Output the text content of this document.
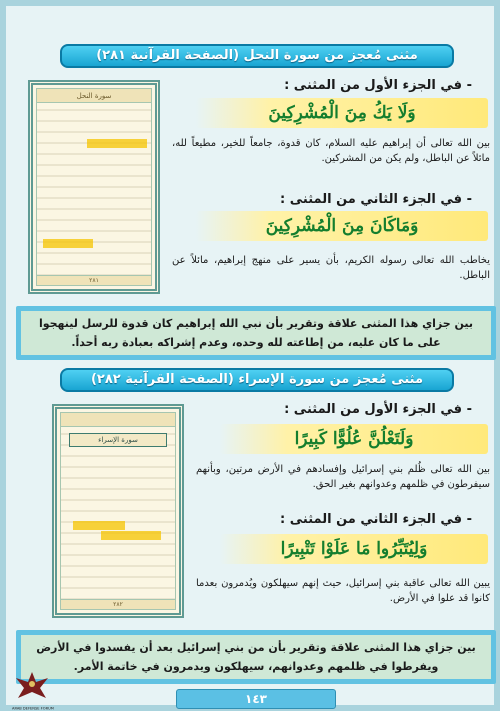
مثنى مُعجز من سورة النحل (الصفحة القرآنية ٢٨١)
سورة النحل
٢٨١
- في الجزء الأول من المثنى :
وَلَا يَكُ مِنَ الْمُشْرِكِينَ
بين الله تعالى أن إبراهيم عليه السلام، كان قدوة، جامعاً للخير، مطيعاً لله، مائلاً عن الباطل، ولم يكن من المشركين.
- في الجزء الثاني من المثنى :
وَمَاكَانَ مِنَ الْمُشْرِكِينَ
يخاطب الله تعالى رسوله الكريم، بأن يسير على منهج إبراهيم، مائلاً عن الباطل.
بين جزاي هذا المثنى علاقة وتقرير بأن نبي الله إبراهيم كان قدوة للرسل لينهجوا على ما كان عليه، من إطاعته لله وحده، وعدم إشراكه بعبادة ربه أحداً.
مثنى مُعجز من سورة الإسراء (الصفحة القرآنية ٢٨٢)
سورة الإسراء
٢٨٢
- في الجزء الأول من المثنى :
وَلَتَعْلُنَّ عُلُوًّا كَبِيرًا
بين الله تعالى ظُلم بني إسرائيل وإفسادهم في الأرض مرتين، وبأنهم سيفرطون في ظلمهم وعدوانهم بغير الحق.
- في الجزء الثاني من المثنى :
وَلِيُتَبِّرُوا مَا عَلَوْا تَتْبِيرًا
يبين الله تعالى عاقبة بني إسرائيل، حيث إنهم سيهلكون ويُدمرون بعدما كانوا قد علوا في الأرض.
بين جزاي هذا المثنى علاقة وتقرير بأن من بني إسرائيل بعد أن يفسدوا في الأرض ويفرطوا في ظلمهم وعدوانهم، سيهلكون ويدمرون في خاتمة الأمر.
١٤٣
ARAB DEFENSE FORUM
